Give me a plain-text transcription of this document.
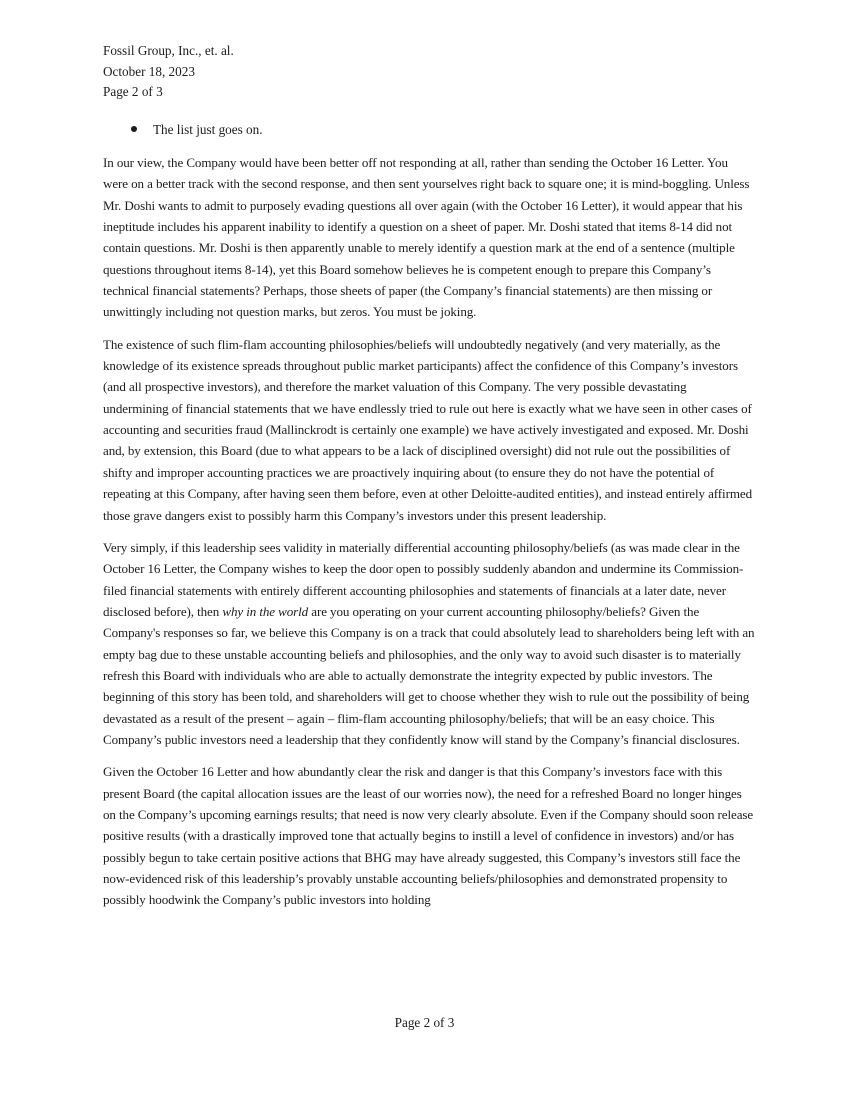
Fossil Group, Inc., et. al.
October 18, 2023
Page 2 of 3
The list just goes on.

In our view, the Company would have been better off not responding at all, rather than sending the October 16 Letter. You were on a better track with the second response, and then sent yourselves right back to square one; it is mind-boggling. Unless Mr. Doshi wants to admit to purposely evading questions all over again (with the October 16 Letter), it would appear that his ineptitude includes his apparent inability to identify a question on a sheet of paper. Mr. Doshi stated that items 8-14 did not contain questions. Mr. Doshi is then apparently unable to merely identify a question mark at the end of a sentence (multiple questions throughout items 8-14), yet this Board somehow believes he is competent enough to prepare this Company’s technical financial statements? Perhaps, those sheets of paper (the Company’s financial statements) are then missing or unwittingly including not question marks, but zeros. You must be joking.

The existence of such flim-flam accounting philosophies/beliefs will undoubtedly negatively (and very materially, as the knowledge of its existence spreads throughout public market participants) affect the confidence of this Company’s investors (and all prospective investors), and therefore the market valuation of this Company. The very possible devastating undermining of financial statements that we have endlessly tried to rule out here is exactly what we have seen in other cases of accounting and securities fraud (Mallinckrodt is certainly one example) we have actively investigated and exposed. Mr. Doshi and, by extension, this Board (due to what appears to be a lack of disciplined oversight) did not rule out the possibilities of shifty and improper accounting practices we are proactively inquiring about (to ensure they do not have the potential of repeating at this Company, after having seen them before, even at other Deloitte-audited entities), and instead entirely affirmed those grave dangers exist to possibly harm this Company’s investors under this present leadership.

Very simply, if this leadership sees validity in materially differential accounting philosophy/beliefs (as was made clear in the October 16 Letter, the Company wishes to keep the door open to possibly suddenly abandon and undermine its Commission-filed financial statements with entirely different accounting philosophies and statements of financials at a later date, never disclosed before), then why in the world are you operating on your current accounting philosophy/beliefs? Given the Company's responses so far, we believe this Company is on a track that could absolutely lead to shareholders being left with an empty bag due to these unstable accounting beliefs and philosophies, and the only way to avoid such disaster is to materially refresh this Board with individuals who are able to actually demonstrate the integrity expected by public investors. The beginning of this story has been told, and shareholders will get to choose whether they wish to rule out the possibility of being devastated as a result of the present – again – flim-flam accounting philosophy/beliefs; that will be an easy choice. This Company’s public investors need a leadership that they confidently know will stand by the Company’s financial disclosures.

Given the October 16 Letter and how abundantly clear the risk and danger is that this Company’s investors face with this present Board (the capital allocation issues are the least of our worries now), the need for a refreshed Board no longer hinges on the Company’s upcoming earnings results; that need is now very clearly absolute. Even if the Company should soon release positive results (with a drastically improved tone that actually begins to instill a level of confidence in investors) and/or has possibly begun to take certain positive actions that BHG may have already suggested, this Company’s investors still face the now-evidenced risk of this leadership’s provably unstable accounting beliefs/philosophies and demonstrated propensity to possibly hoodwink the Company’s public investors into holding

Page 2 of 3
